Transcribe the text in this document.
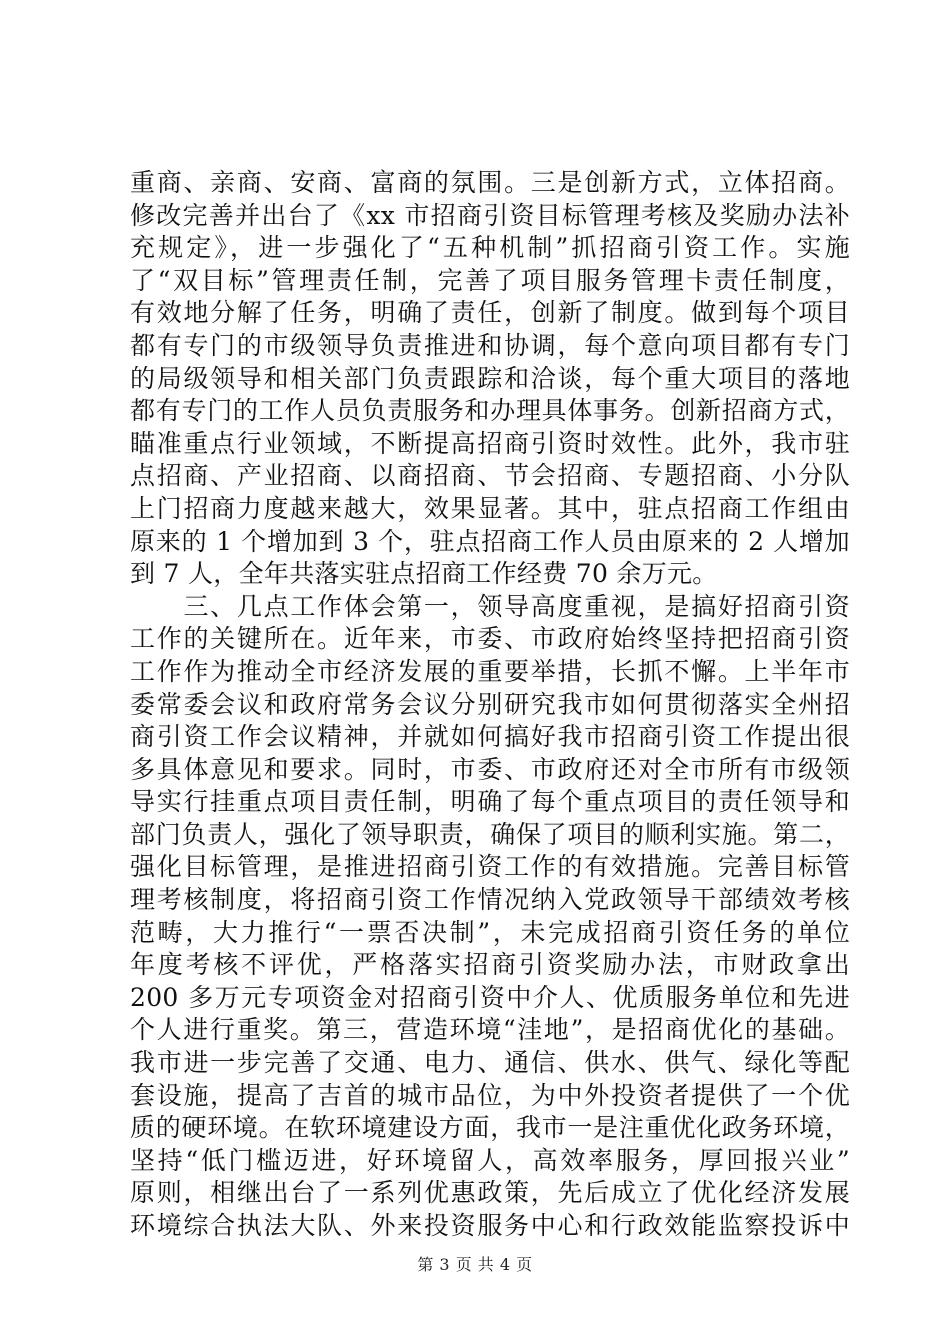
重商、亲商、安商、富商的氛围。三是创新方式，立体招商。
修改完善并出台了《xx 市招商引资目标管理考核及奖励办法补
充规定》，进一步强化了“五种机制”抓招商引资工作。实施
了“双目标”管理责任制，完善了项目服务管理卡责任制度，
有效地分解了任务，明确了责任，创新了制度。做到每个项目
都有专门的市级领导负责推进和协调，每个意向项目都有专门
的局级领导和相关部门负责跟踪和洽谈，每个重大项目的落地
都有专门的工作人员负责服务和办理具体事务。创新招商方式，
瞄准重点行业领域，不断提高招商引资时效性。此外，我市驻
点招商、产业招商、以商招商、节会招商、专题招商、小分队
上门招商力度越来越大，效果显著。其中，驻点招商工作组由
原来的 1 个增加到 3 个，驻点招商工作人员由原来的 2 人增加
到 7 人，全年共落实驻点招商工作经费 70 余万元。
　　三、几点工作体会第一，领导高度重视，是搞好招商引资
工作的关键所在。近年来，市委、市政府始终坚持把招商引资
工作作为推动全市经济发展的重要举措，长抓不懈。上半年市
委常委会议和政府常务会议分别研究我市如何贯彻落实全州招
商引资工作会议精神，并就如何搞好我市招商引资工作提出很
多具体意见和要求。同时，市委、市政府还对全市所有市级领
导实行挂重点项目责任制，明确了每个重点项目的责任领导和
部门负责人，强化了领导职责，确保了项目的顺利实施。第二，
强化目标管理，是推进招商引资工作的有效措施。完善目标管
理考核制度，将招商引资工作情况纳入党政领导干部绩效考核
范畴，大力推行“一票否决制”，未完成招商引资任务的单位
年度考核不评优，严格落实招商引资奖励办法，市财政拿出
200 多万元专项资金对招商引资中介人、优质服务单位和先进
个人进行重奖。第三，营造环境“洼地”，是招商优化的基础。
我市进一步完善了交通、电力、通信、供水、供气、绿化等配
套设施，提高了吉首的城市品位，为中外投资者提供了一个优
质的硬环境。在软环境建设方面，我市一是注重优化政务环境，
坚持“低门槛迈进，好环境留人，高效率服务，厚回报兴业”
原则，相继出台了一系列优惠政策，先后成立了优化经济发展
环境综合执法大队、外来投资服务中心和行政效能监察投诉中
第 3 页 共 4 页
